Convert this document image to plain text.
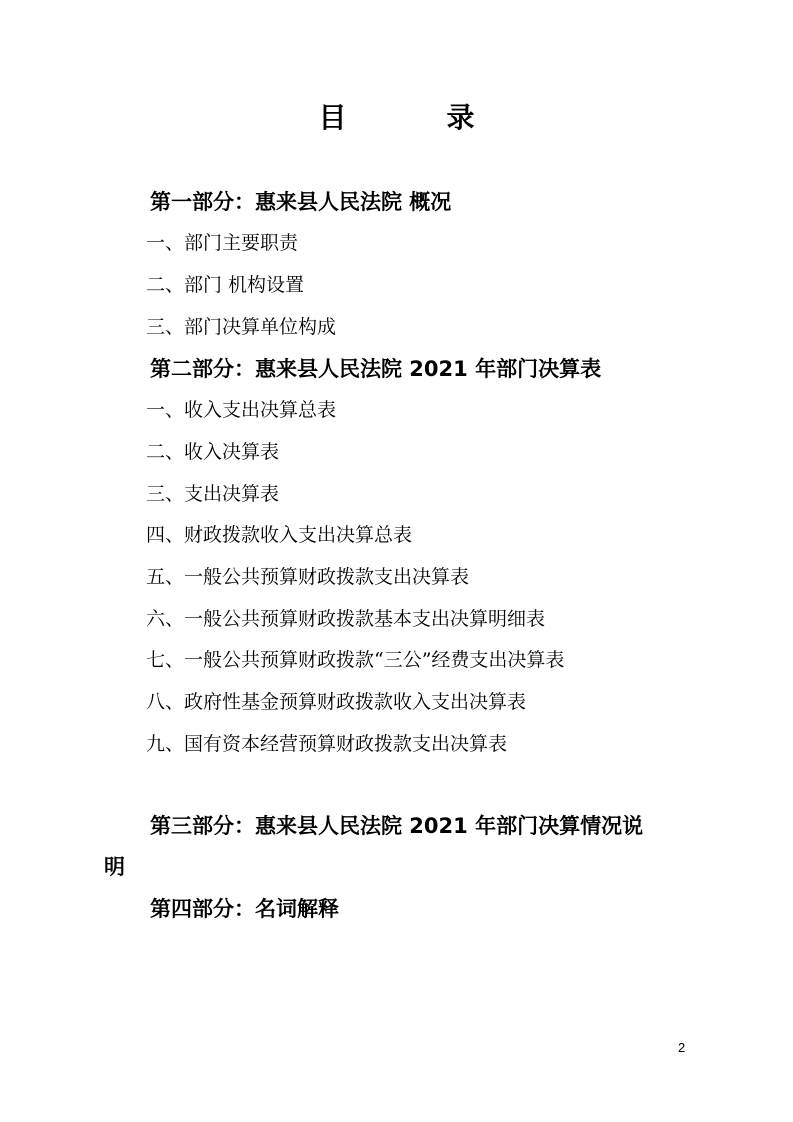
目	录
第一部分：惠来县人民法院 概况
一、部门主要职责
二、部门 机构设置
三、部门决算单位构成
第二部分：惠来县人民法院 2021 年部门决算表
一、收入支出决算总表
二、收入决算表
三、支出决算表
四、财政拨款收入支出决算总表
五、一般公共预算财政拨款支出决算表
六、一般公共预算财政拨款基本支出决算明细表
七、一般公共预算财政拨款“三公”经费支出决算表
八、政府性基金预算财政拨款收入支出决算表
九、国有资本经营预算财政拨款支出决算表
第三部分：惠来县人民法院 2021 年部门决算情况说
明
第四部分：名词解释
2
